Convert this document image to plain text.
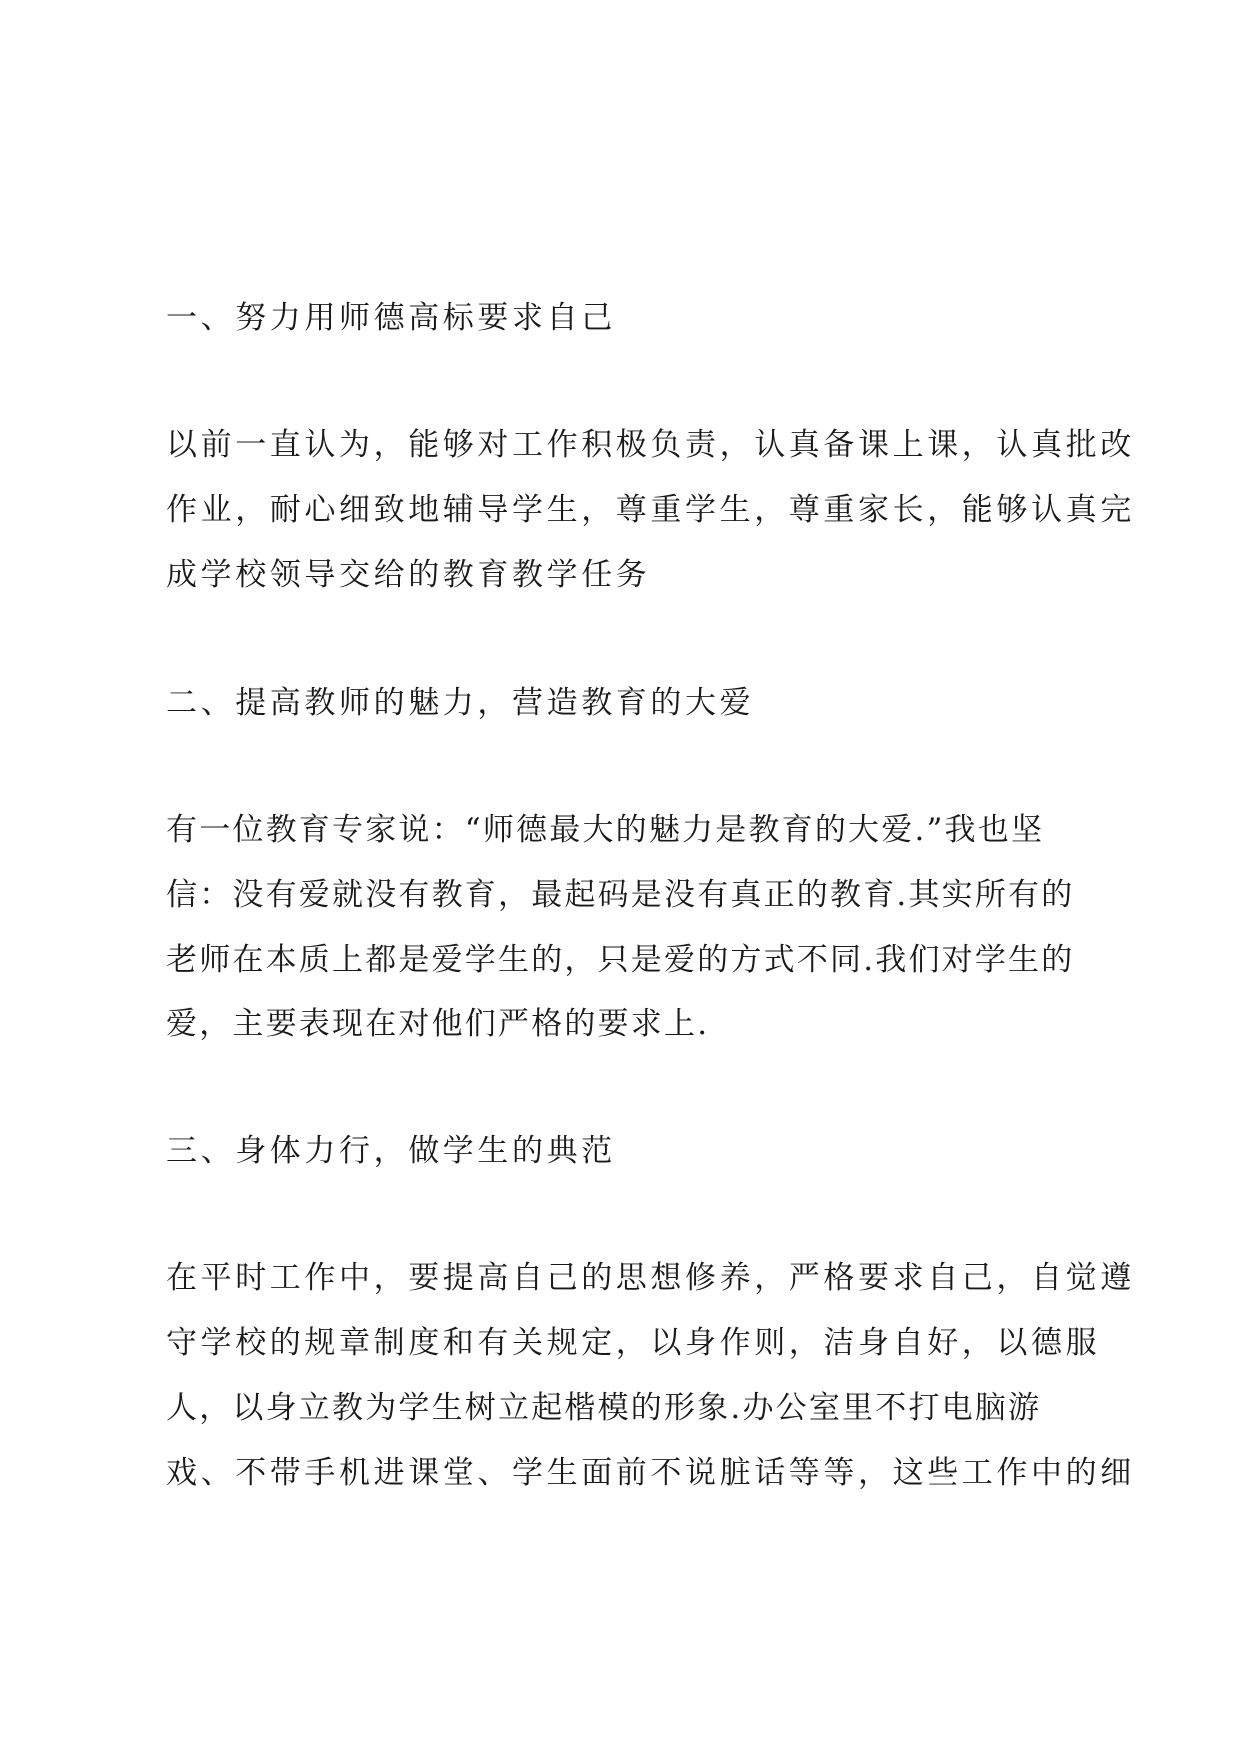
一、努力用师德高标要求自己
以前一直认为，能够对工作积极负责，认真备课上课，认真批改
作业，耐心细致地辅导学生，尊重学生，尊重家长，能够认真完
成学校领导交给的教育教学任务
二、提高教师的魅力，营造教育的大爱
有一位教育专家说：“师德最大的魅力是教育的大爱.”我也坚
信：没有爱就没有教育，最起码是没有真正的教育.其实所有的
老师在本质上都是爱学生的，只是爱的方式不同.我们对学生的
爱，主要表现在对他们严格的要求上.
三、身体力行，做学生的典范
在平时工作中，要提高自己的思想修养，严格要求自己，自觉遵
守学校的规章制度和有关规定，以身作则，洁身自好，以德服
人，以身立教为学生树立起楷模的形象.办公室里不打电脑游
戏、不带手机进课堂、学生面前不说脏话等等，这些工作中的细
